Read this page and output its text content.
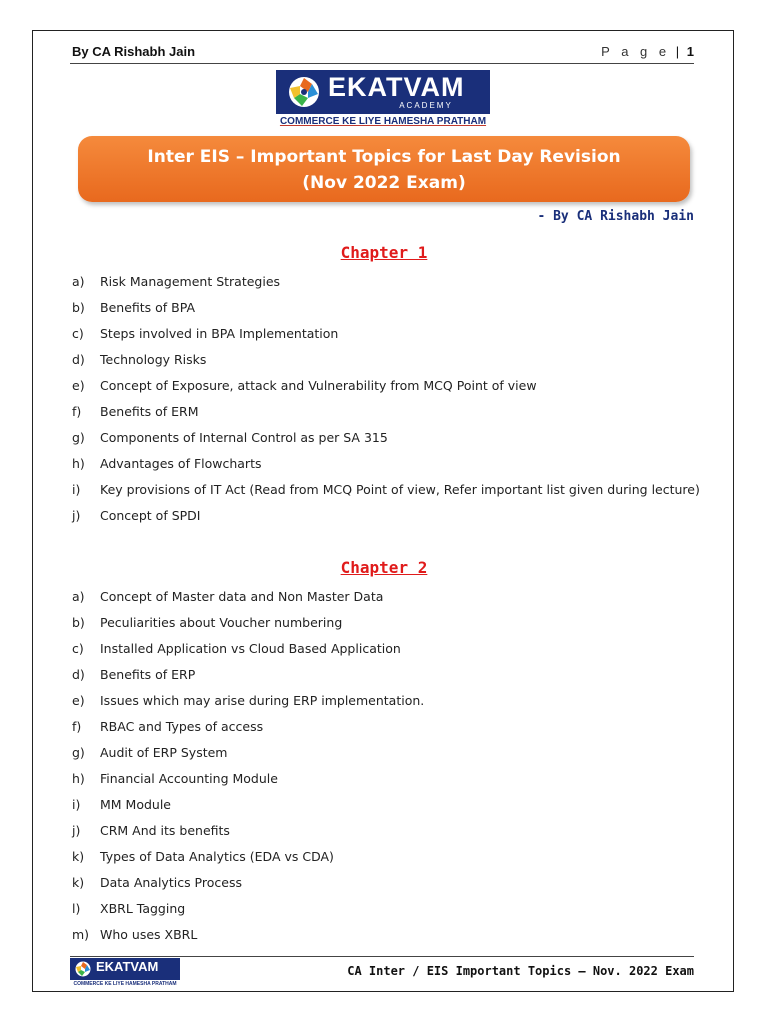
By CA Rishabh Jain	P a g e | 1
EKATVAM
ACADEMY
COMMERCE KE LIYE HAMESHA PRATHAM
Inter EIS – Important Topics for Last Day Revision
(Nov 2022 Exam)
- By CA Rishabh Jain
Chapter 1
a) Risk Management Strategies
b) Benefits of BPA
c) Steps involved in BPA Implementation
d) Technology Risks
e) Concept of Exposure, attack and Vulnerability from MCQ Point of view
f) Benefits of ERM
g) Components of Internal Control as per SA 315
h) Advantages of Flowcharts
i) Key provisions of IT Act (Read from MCQ Point of view, Refer important list given during lecture)
j) Concept of SPDI
Chapter 2
a) Concept of Master data and Non Master Data
b) Peculiarities about Voucher numbering
c) Installed Application vs Cloud Based Application
d) Benefits of ERP
e) Issues which may arise during ERP implementation.
f) RBAC and Types of access
g) Audit of ERP System
h) Financial Accounting Module
i) MM Module
j) CRM And its benefits
k) Types of Data Analytics (EDA vs CDA)
k) Data Analytics Process
l) XBRL Tagging
m) Who uses XBRL
EKATVAM
COMMERCE KE LIYE HAMESHA PRATHAM
CA Inter / EIS Important Topics – Nov. 2022 Exam
